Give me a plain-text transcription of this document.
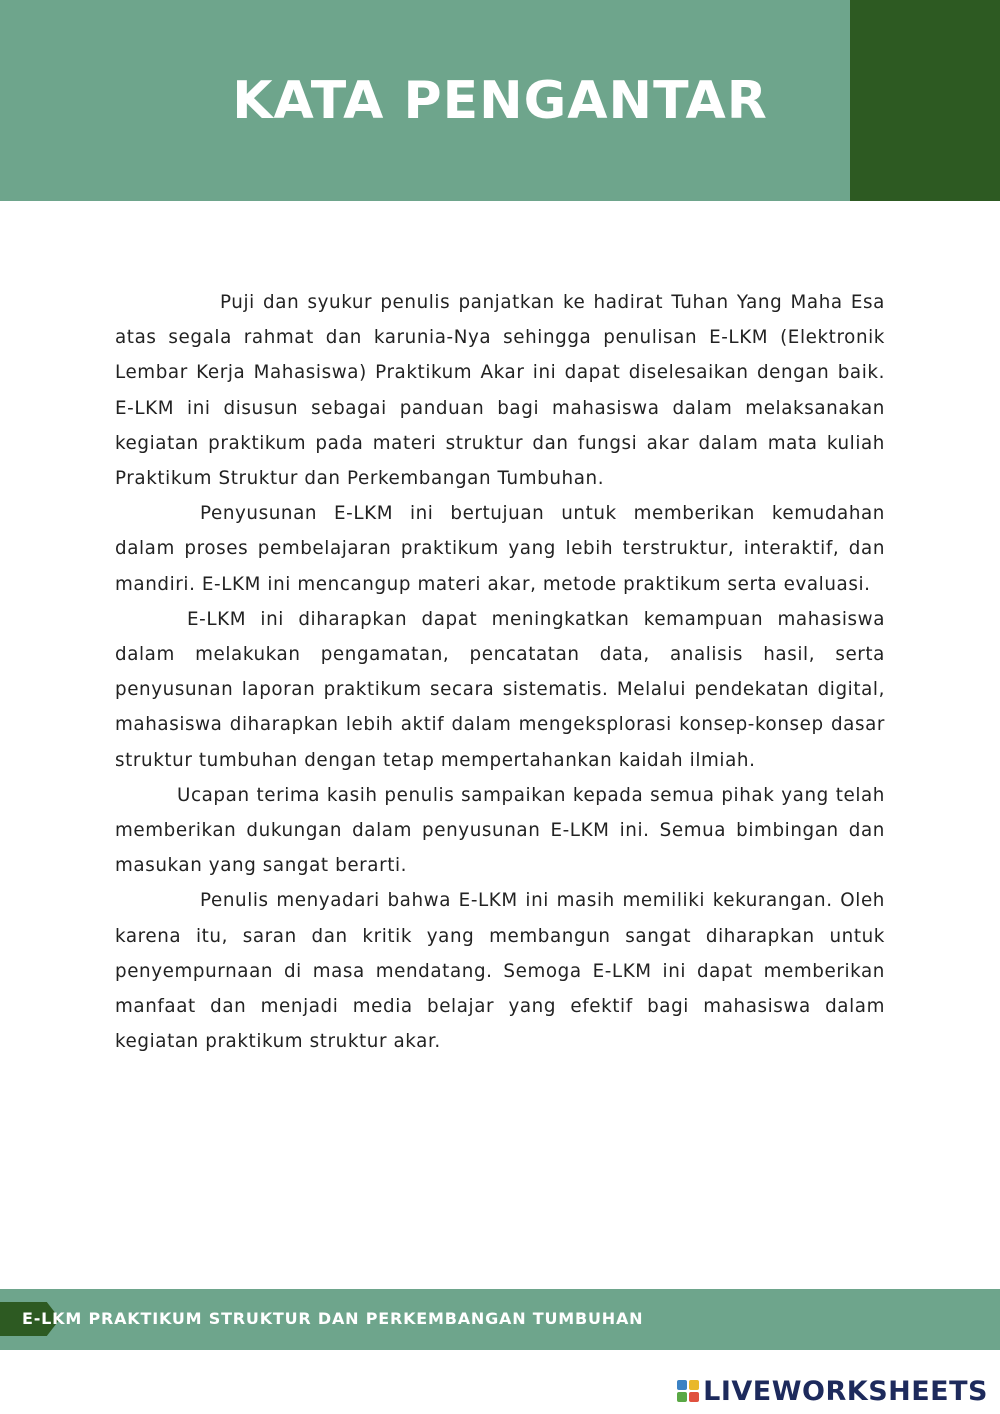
KATA PENGANTAR

Puji dan syukur penulis panjatkan ke hadirat Tuhan Yang Maha Esa atas segala rahmat dan karunia-Nya sehingga penulisan E-LKM (Elektronik Lembar Kerja Mahasiswa) Praktikum Akar ini dapat diselesaikan dengan baik. E-LKM ini disusun sebagai panduan bagi mahasiswa dalam melaksanakan kegiatan praktikum pada materi struktur dan fungsi akar dalam mata kuliah Praktikum Struktur dan Perkembangan Tumbuhan.

Penyusunan E-LKM ini bertujuan untuk memberikan kemudahan dalam proses pembelajaran praktikum yang lebih terstruktur, interaktif, dan mandiri. E-LKM ini mencangup materi akar, metode praktikum serta evaluasi.

E-LKM ini diharapkan dapat meningkatkan kemampuan mahasiswa dalam melakukan pengamatan, pencatatan data, analisis hasil, serta penyusunan laporan praktikum secara sistematis. Melalui pendekatan digital, mahasiswa diharapkan lebih aktif dalam mengeksplorasi konsep-konsep dasar struktur tumbuhan dengan tetap mempertahankan kaidah ilmiah.

Ucapan terima kasih penulis sampaikan kepada semua pihak yang telah memberikan dukungan dalam penyusunan E-LKM ini. Semua bimbingan dan masukan yang sangat berarti.

Penulis menyadari bahwa E-LKM ini masih memiliki kekurangan. Oleh karena itu, saran dan kritik yang membangun sangat diharapkan untuk penyempurnaan di masa mendatang. Semoga E-LKM ini dapat memberikan manfaat dan menjadi media belajar yang efektif bagi mahasiswa dalam kegiatan praktikum struktur akar.

E-LKM PRAKTIKUM STRUKTUR DAN PERKEMBANGAN TUMBUHAN
LIVEWORKSHEETS
